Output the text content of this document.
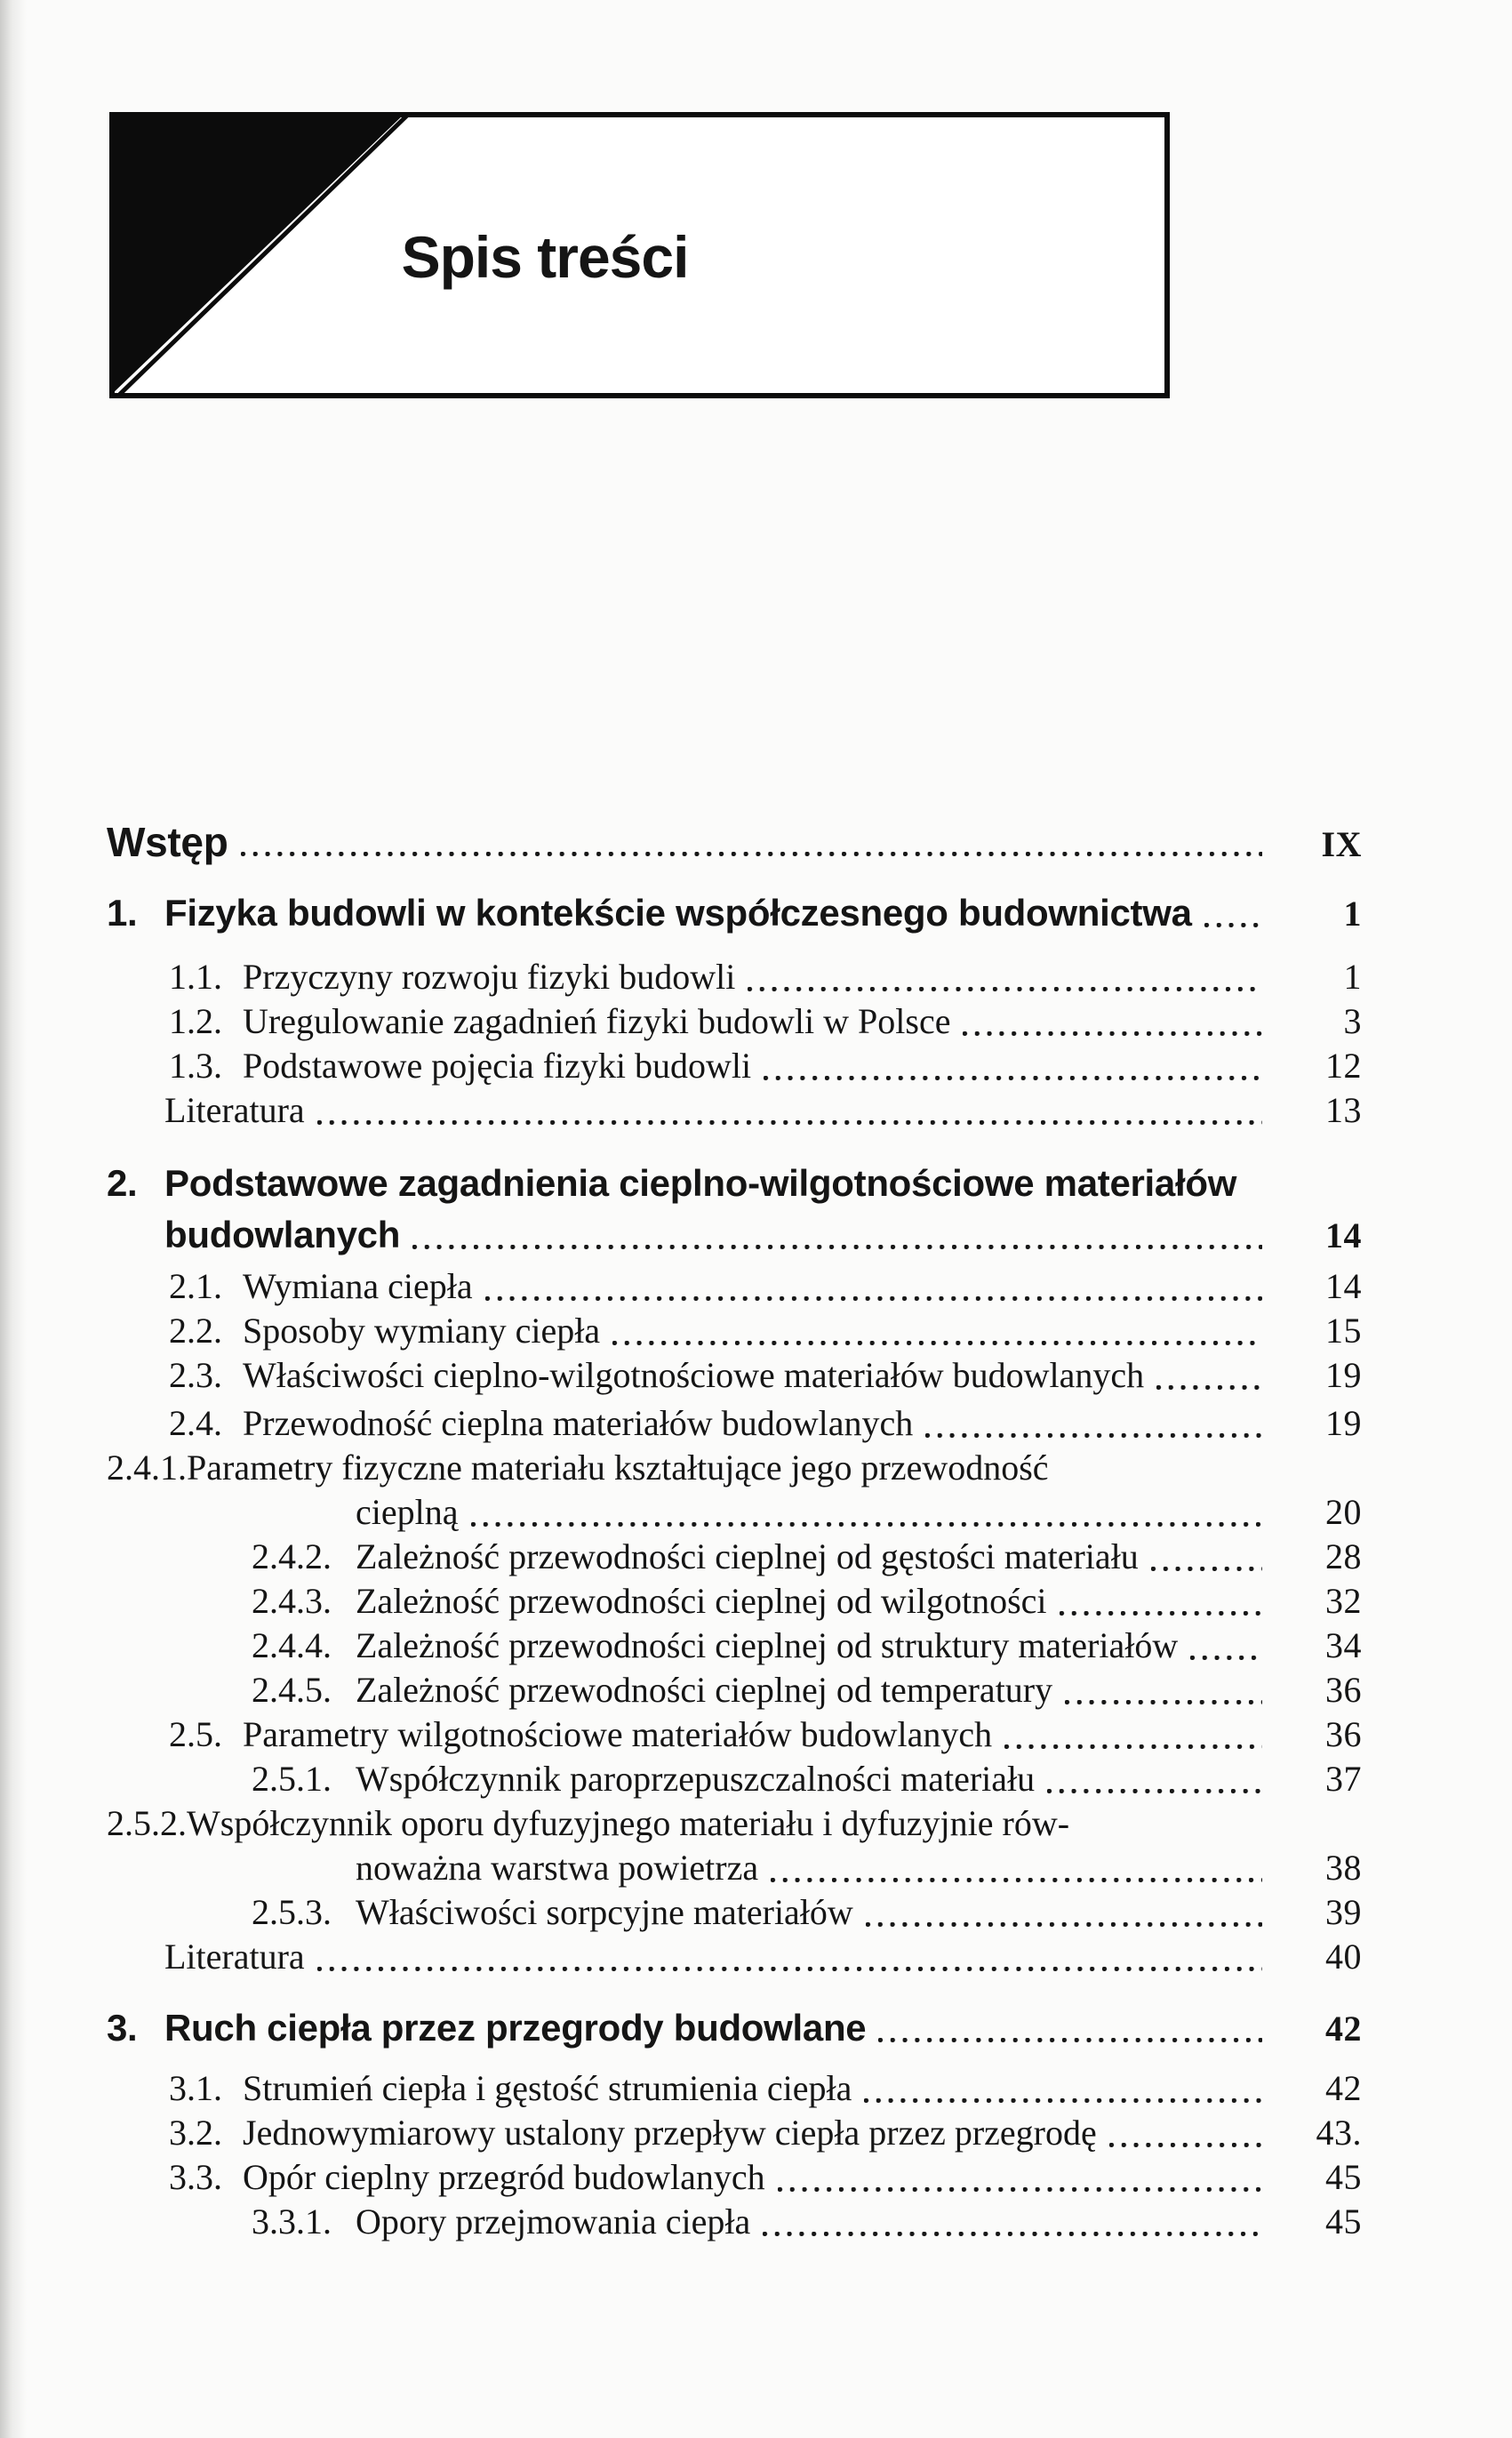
Spis treści
Wstęp	IX
1. Fizyka budowli w kontekście współczesnego budownictwa	1
1.1. Przyczyny rozwoju fizyki budowli	1
1.2. Uregulowanie zagadnień fizyki budowli w Polsce	3
1.3. Podstawowe pojęcia fizyki budowli	12
Literatura	13
2. Podstawowe zagadnienia cieplno-wilgotnościowe materiałów
budowlanych	14
2.1. Wymiana ciepła	14
2.2. Sposoby wymiany ciepła	15
2.3. Właściwości cieplno-wilgotnościowe materiałów budowlanych	19
2.4. Przewodność cieplna materiałów budowlanych	19
2.4.1. Parametry fizyczne materiału kształtujące jego przewodność
cieplną	20
2.4.2. Zależność przewodności cieplnej od gęstości materiału	28
2.4.3. Zależność przewodności cieplnej od wilgotności	32
2.4.4. Zależność przewodności cieplnej od struktury materiałów	34
2.4.5. Zależność przewodności cieplnej od temperatury	36
2.5. Parametry wilgotnościowe materiałów budowlanych	36
2.5.1. Współczynnik paroprzepuszczalności materiału	37
2.5.2. Współczynnik oporu dyfuzyjnego materiału i dyfuzyjnie rów-
noważna warstwa powietrza	38
2.5.3. Właściwości sorpcyjne materiałów	39
Literatura	40
3. Ruch ciepła przez przegrody budowlane	42
3.1. Strumień ciepła i gęstość strumienia ciepła	42
3.2. Jednowymiarowy ustalony przepływ ciepła przez przegrodę	43.
3.3. Opór cieplny przegród budowlanych	45
3.3.1. Opory przejmowania ciepła	45
